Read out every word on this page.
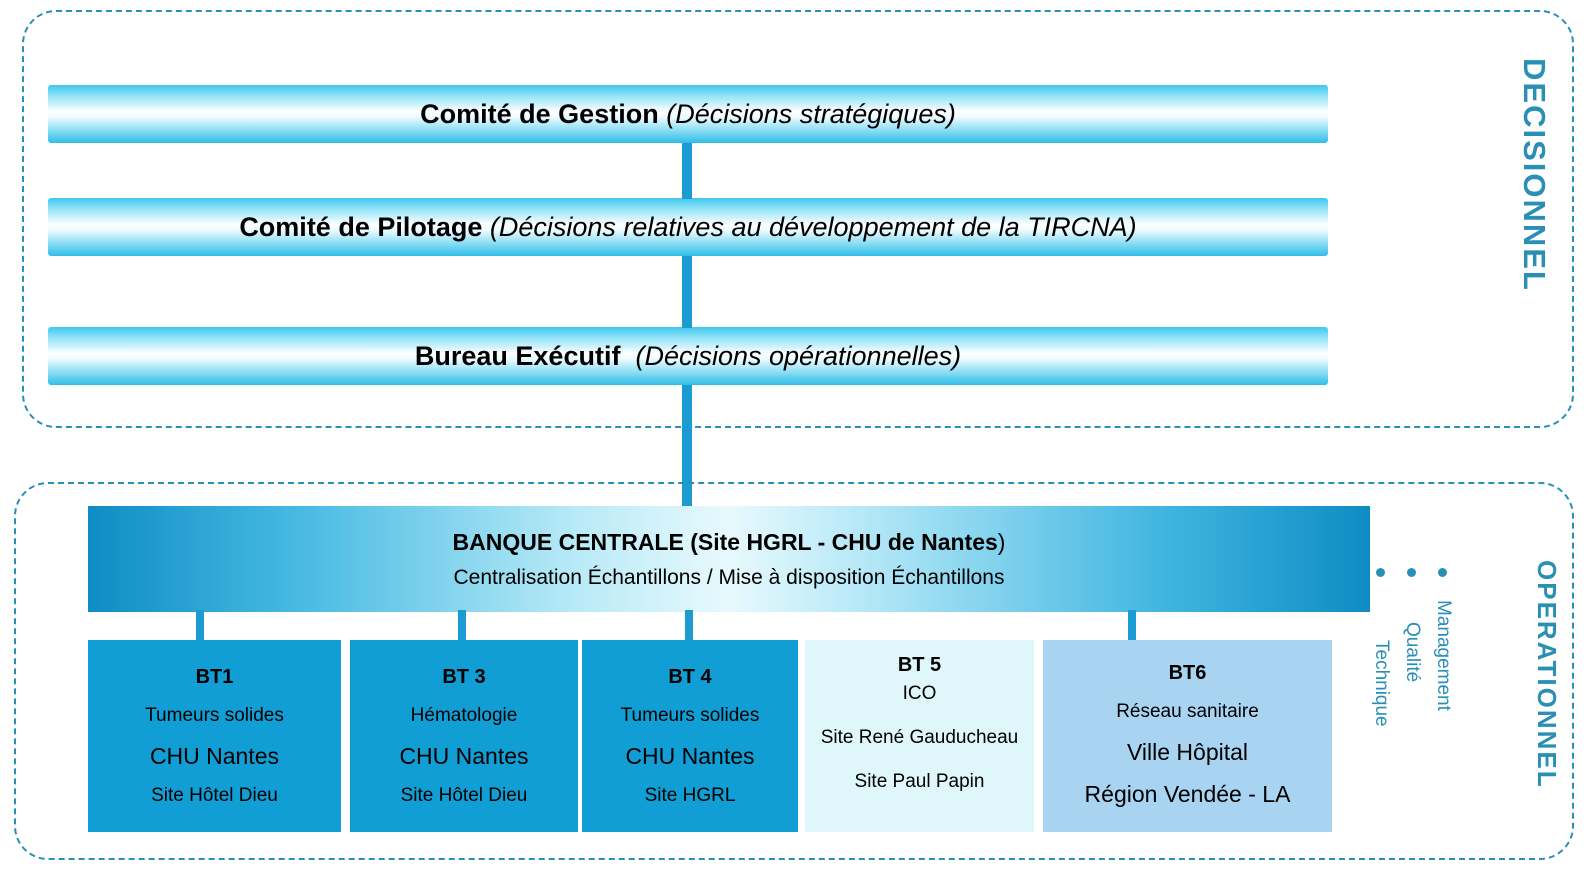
DECISIONNEL
Comité de Gestion (Décisions stratégiques)
Comité de Pilotage (Décisions relatives au développement de la TIRCNA)
Bureau Exécutif (Décisions opérationnelles)
OPERATIONNEL
BANQUE CENTRALE (Site HGRL - CHU de Nantes)
Centralisation Échantillons / Mise à disposition Échantillons
BT1
Tumeurs solides
CHU Nantes
Site Hôtel Dieu
BT 3
Hématologie
CHU Nantes
Site Hôtel Dieu
BT 4
Tumeurs solides
CHU Nantes
Site HGRL
BT 5
ICO
Site René Gauducheau
Site Paul Papin
BT6
Réseau sanitaire
Ville Hôpital
Région Vendée - LA
Technique Qualité Management
